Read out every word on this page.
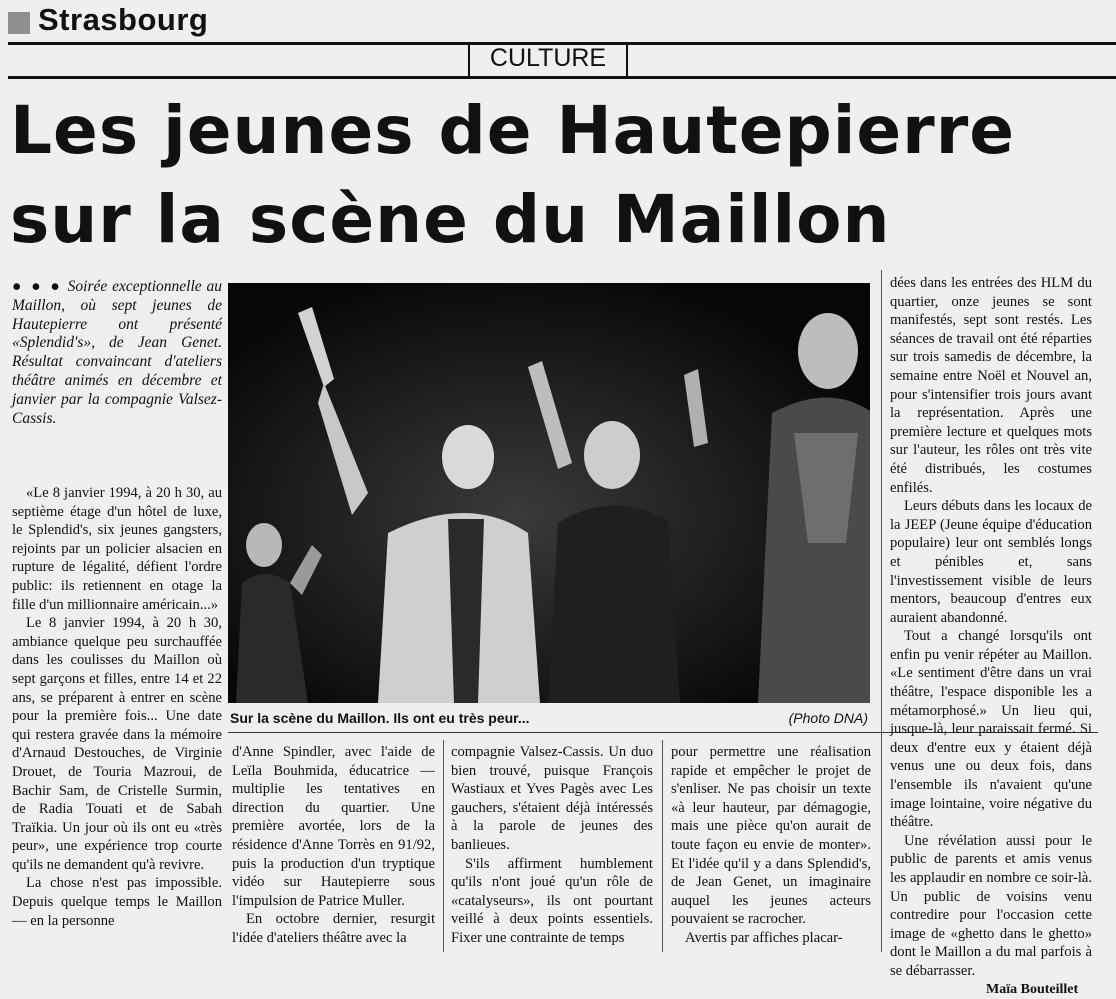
Strasbourg
CULTURE
Les jeunes de Hautepierre
sur la scène du Maillon
● ● ● Soirée exceptionnelle au Maillon, où sept jeunes de Hautepierre ont présenté «Splendid's», de Jean Genet. Résultat convaincant d'ateliers théâtre animés en décembre et janvier par la compagnie Valsez-Cassis.

«Le 8 janvier 1994, à 20 h 30, au septième étage d'un hôtel de luxe, le Splendid's, six jeunes gangsters, rejoints par un policier alsacien en rupture de légalité, défient l'ordre public: ils retiennent en otage la fille d'un millionnaire américain...»

Le 8 janvier 1994, à 20 h 30, ambiance quelque peu surchauffée dans les coulisses du Maillon où sept garçons et filles, entre 14 et 22 ans, se préparent à entrer en scène pour la première fois... Une date qui restera gravée dans la mémoire d'Arnaud Destouches, de Virginie Drouet, de Touria Mazroui, de Bachir Sam, de Cristelle Surmin, de Radia Touati et de Sabah Traïkia. Un jour où ils ont eu «très peur», une expérience trop courte qu'ils ne demandent qu'à revivre.

La chose n'est pas impossible. Depuis quelque temps le Maillon — en la personne

Sur la scène du Maillon. Ils ont eu très peur...	(Photo DNA)

d'Anne Spindler, avec l'aide de Leïla Bouhmida, éducatrice — multiplie les tentatives en direction du quartier. Une première avortée, lors de la résidence d'Anne Torrès en 91/92, puis la production d'un tryptique vidéo sur Hautepierre sous l'impulsion de Patrice Muller.

En octobre dernier, resurgit l'idée d'ateliers théâtre avec la

compagnie Valsez-Cassis. Un duo bien trouvé, puisque François Wastiaux et Yves Pagès avec Les gauchers, s'étaient déjà intéressés à la parole de jeunes des banlieues.

S'ils affirment humblement qu'ils n'ont joué qu'un rôle de «catalyseurs», ils ont pourtant veillé à deux points essentiels. Fixer une contrainte de temps

pour permettre une réalisation rapide et empêcher le projet de s'enliser. Ne pas choisir un texte «à leur hauteur, par démagogie, mais une pièce qu'on aurait de toute façon eu envie de monter». Et l'idée qu'il y a dans Splendid's, de Jean Genet, un imaginaire auquel les jeunes acteurs pouvaient se racrocher.

Avertis par affiches placar-

dées dans les entrées des HLM du quartier, onze jeunes se sont manifestés, sept sont restés. Les séances de travail ont été réparties sur trois samedis de décembre, la semaine entre Noël et Nouvel an, pour s'intensifier trois jours avant la représentation. Après une première lecture et quelques mots sur l'auteur, les rôles ont très vite été distribués, les costumes enfilés.

Leurs débuts dans les locaux de la JEEP (Jeune équipe d'éducation populaire) leur ont semblés longs et pénibles et, sans l'investissement visible de leurs mentors, beaucoup d'entres eux auraient abandonné.

Tout a changé lorsqu'ils ont enfin pu venir répéter au Maillon. «Le sentiment d'être dans un vrai théâtre, l'espace disponible les a métamorphosé.» Un lieu qui, jusque-là, leur paraissait fermé. Si deux d'entre eux y étaient déjà venus une ou deux fois, dans l'ensemble ils n'avaient qu'une image lointaine, voire négative du théâtre.

Une révélation aussi pour le public de parents et amis venus les applaudir en nombre ce soir-là. Un public de voisins venu contredire pour l'occasion cette image de «ghetto dans le ghetto» dont le Maillon a du mal parfois à se débarrasser.

Maïa Bouteillet
